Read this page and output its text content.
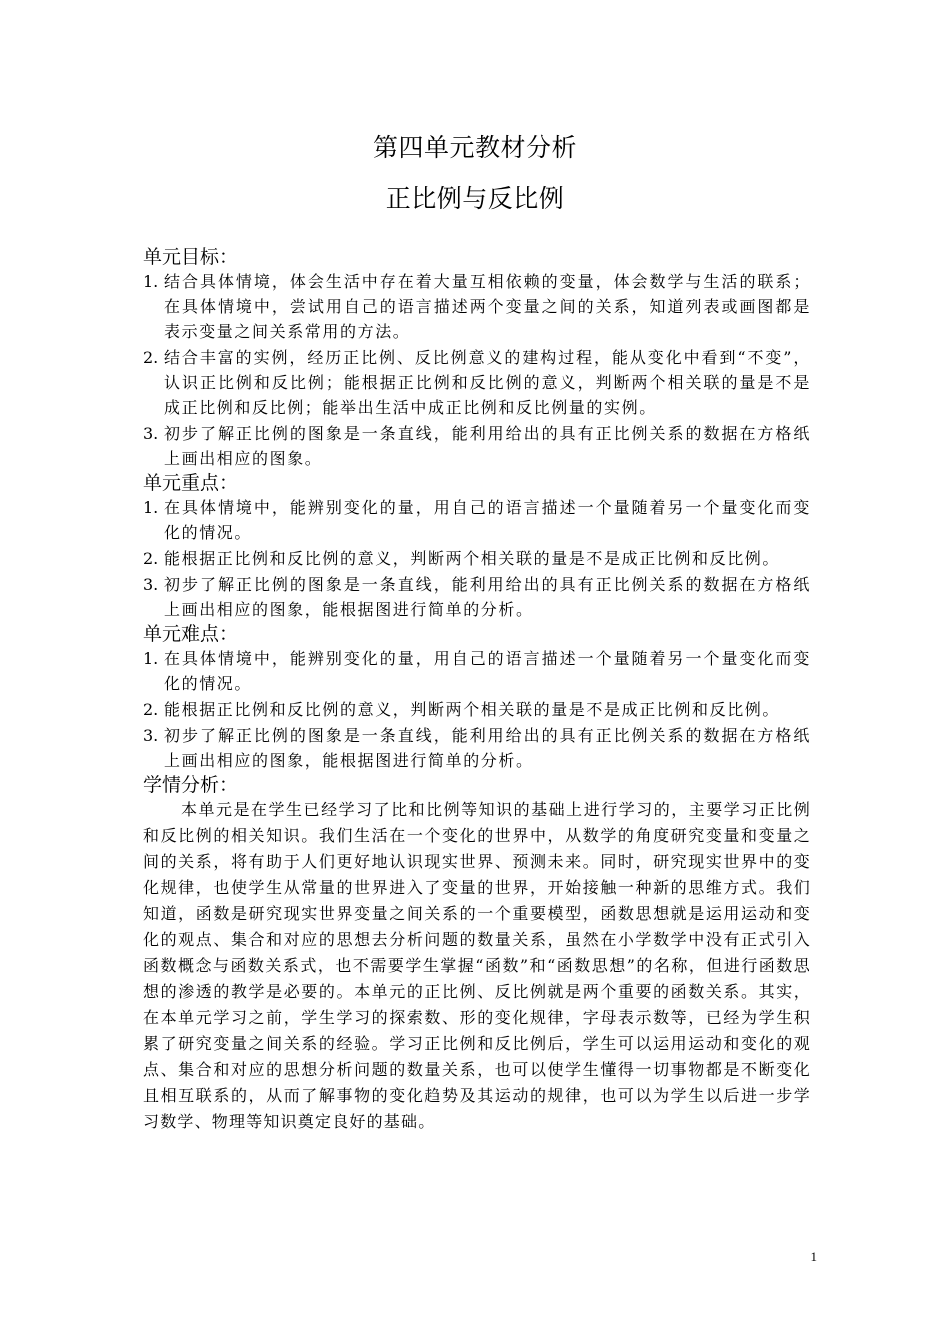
第四单元教材分析
正比例与反比例
单元目标：
1. 结合具体情境，体会生活中存在着大量互相依赖的变量，体会数学与生活的联系；在具体情境中，尝试用自己的语言描述两个变量之间的关系，知道列表或画图都是表示变量之间关系常用的方法。
2. 结合丰富的实例，经历正比例、反比例意义的建构过程，能从变化中看到“不变”，认识正比例和反比例；能根据正比例和反比例的意义，判断两个相关联的量是不是成正比例和反比例；能举出生活中成正比例和反比例量的实例。
3. 初步了解正比例的图象是一条直线，能利用给出的具有正比例关系的数据在方格纸上画出相应的图象。
单元重点：
1. 在具体情境中，能辨别变化的量，用自己的语言描述一个量随着另一个量变化而变化的情况。
2. 能根据正比例和反比例的意义，判断两个相关联的量是不是成正比例和反比例。
3. 初步了解正比例的图象是一条直线，能利用给出的具有正比例关系的数据在方格纸上画出相应的图象，能根据图进行简单的分析。
单元难点：
1. 在具体情境中，能辨别变化的量，用自己的语言描述一个量随着另一个量变化而变化的情况。
2. 能根据正比例和反比例的意义，判断两个相关联的量是不是成正比例和反比例。
3. 初步了解正比例的图象是一条直线，能利用给出的具有正比例关系的数据在方格纸上画出相应的图象，能根据图进行简单的分析。
学情分析：

本单元是在学生已经学习了比和比例等知识的基础上进行学习的，主要学习正比例和反比例的相关知识。我们生活在一个变化的世界中，从数学的角度研究变量和变量之间的关系，将有助于人们更好地认识现实世界、预测未来。同时，研究现实世界中的变化规律，也使学生从常量的世界进入了变量的世界，开始接触一种新的思维方式。我们知道，函数是研究现实世界变量之间关系的一个重要模型，函数思想就是运用运动和变化的观点、集合和对应的思想去分析问题的数量关系，虽然在小学数学中没有正式引入函数概念与函数关系式，也不需要学生掌握“函数”和“函数思想”的名称，但进行函数思想的渗透的教学是必要的。本单元的正比例、反比例就是两个重要的函数关系。其实，在本单元学习之前，学生学习的探索数、形的变化规律，字母表示数等，已经为学生积累了研究变量之间关系的经验。学习正比例和反比例后，学生可以运用运动和变化的观点、集合和对应的思想分析问题的数量关系，也可以使学生懂得一切事物都是不断变化且相互联系的，从而了解事物的变化趋势及其运动的规律，也可以为学生以后进一步学习数学、物理等知识奠定良好的基础。

1
